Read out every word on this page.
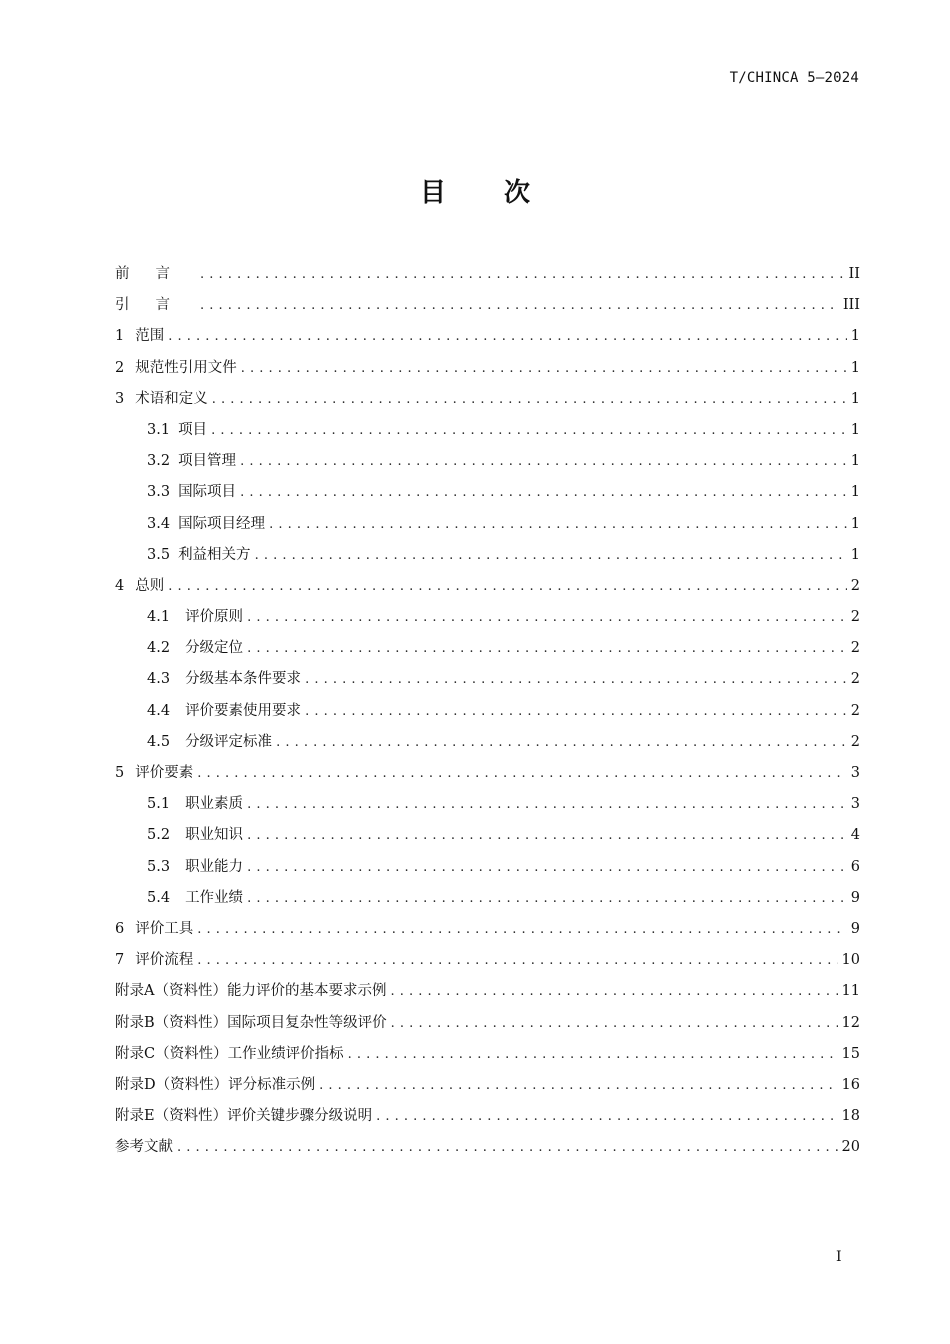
T/CHINCA 5—2024
目次
前言 . . .	II
引言 . . .	III
1 范围 . . .	1
2 规范性引用文件 . . .	1
3 术语和定义 . . .	1
3.1 项目 . . .	1
3.2 项目管理 . . .	1
3.3 国际项目 . . .	1
3.4 国际项目经理 . . .	1
3.5 利益相关方 . . .	1
4 总则 . . .	2
4.1 评价原则 . . .	2
4.2 分级定位 . . .	2
4.3 分级基本条件要求 . . .	2
4.4 评价要素使用要求 . . .	2
4.5 分级评定标准 . . .	2
5 评价要素 . . .	3
5.1 职业素质 . . .	3
5.2 职业知识 . . .	4
5.3 职业能力 . . .	6
5.4 工作业绩 . . .	9
6 评价工具 . . .	9
7 评价流程 . . .	10
附录A（资料性）能力评价的基本要求示例 . . .	11
附录B（资料性）国际项目复杂性等级评价 . . .	12
附录C（资料性）工作业绩评价指标 . . .	15
附录D（资料性）评分标准示例 . . .	16
附录E（资料性）评价关键步骤分级说明 . . .	18
参考文献 . . .	20
I
